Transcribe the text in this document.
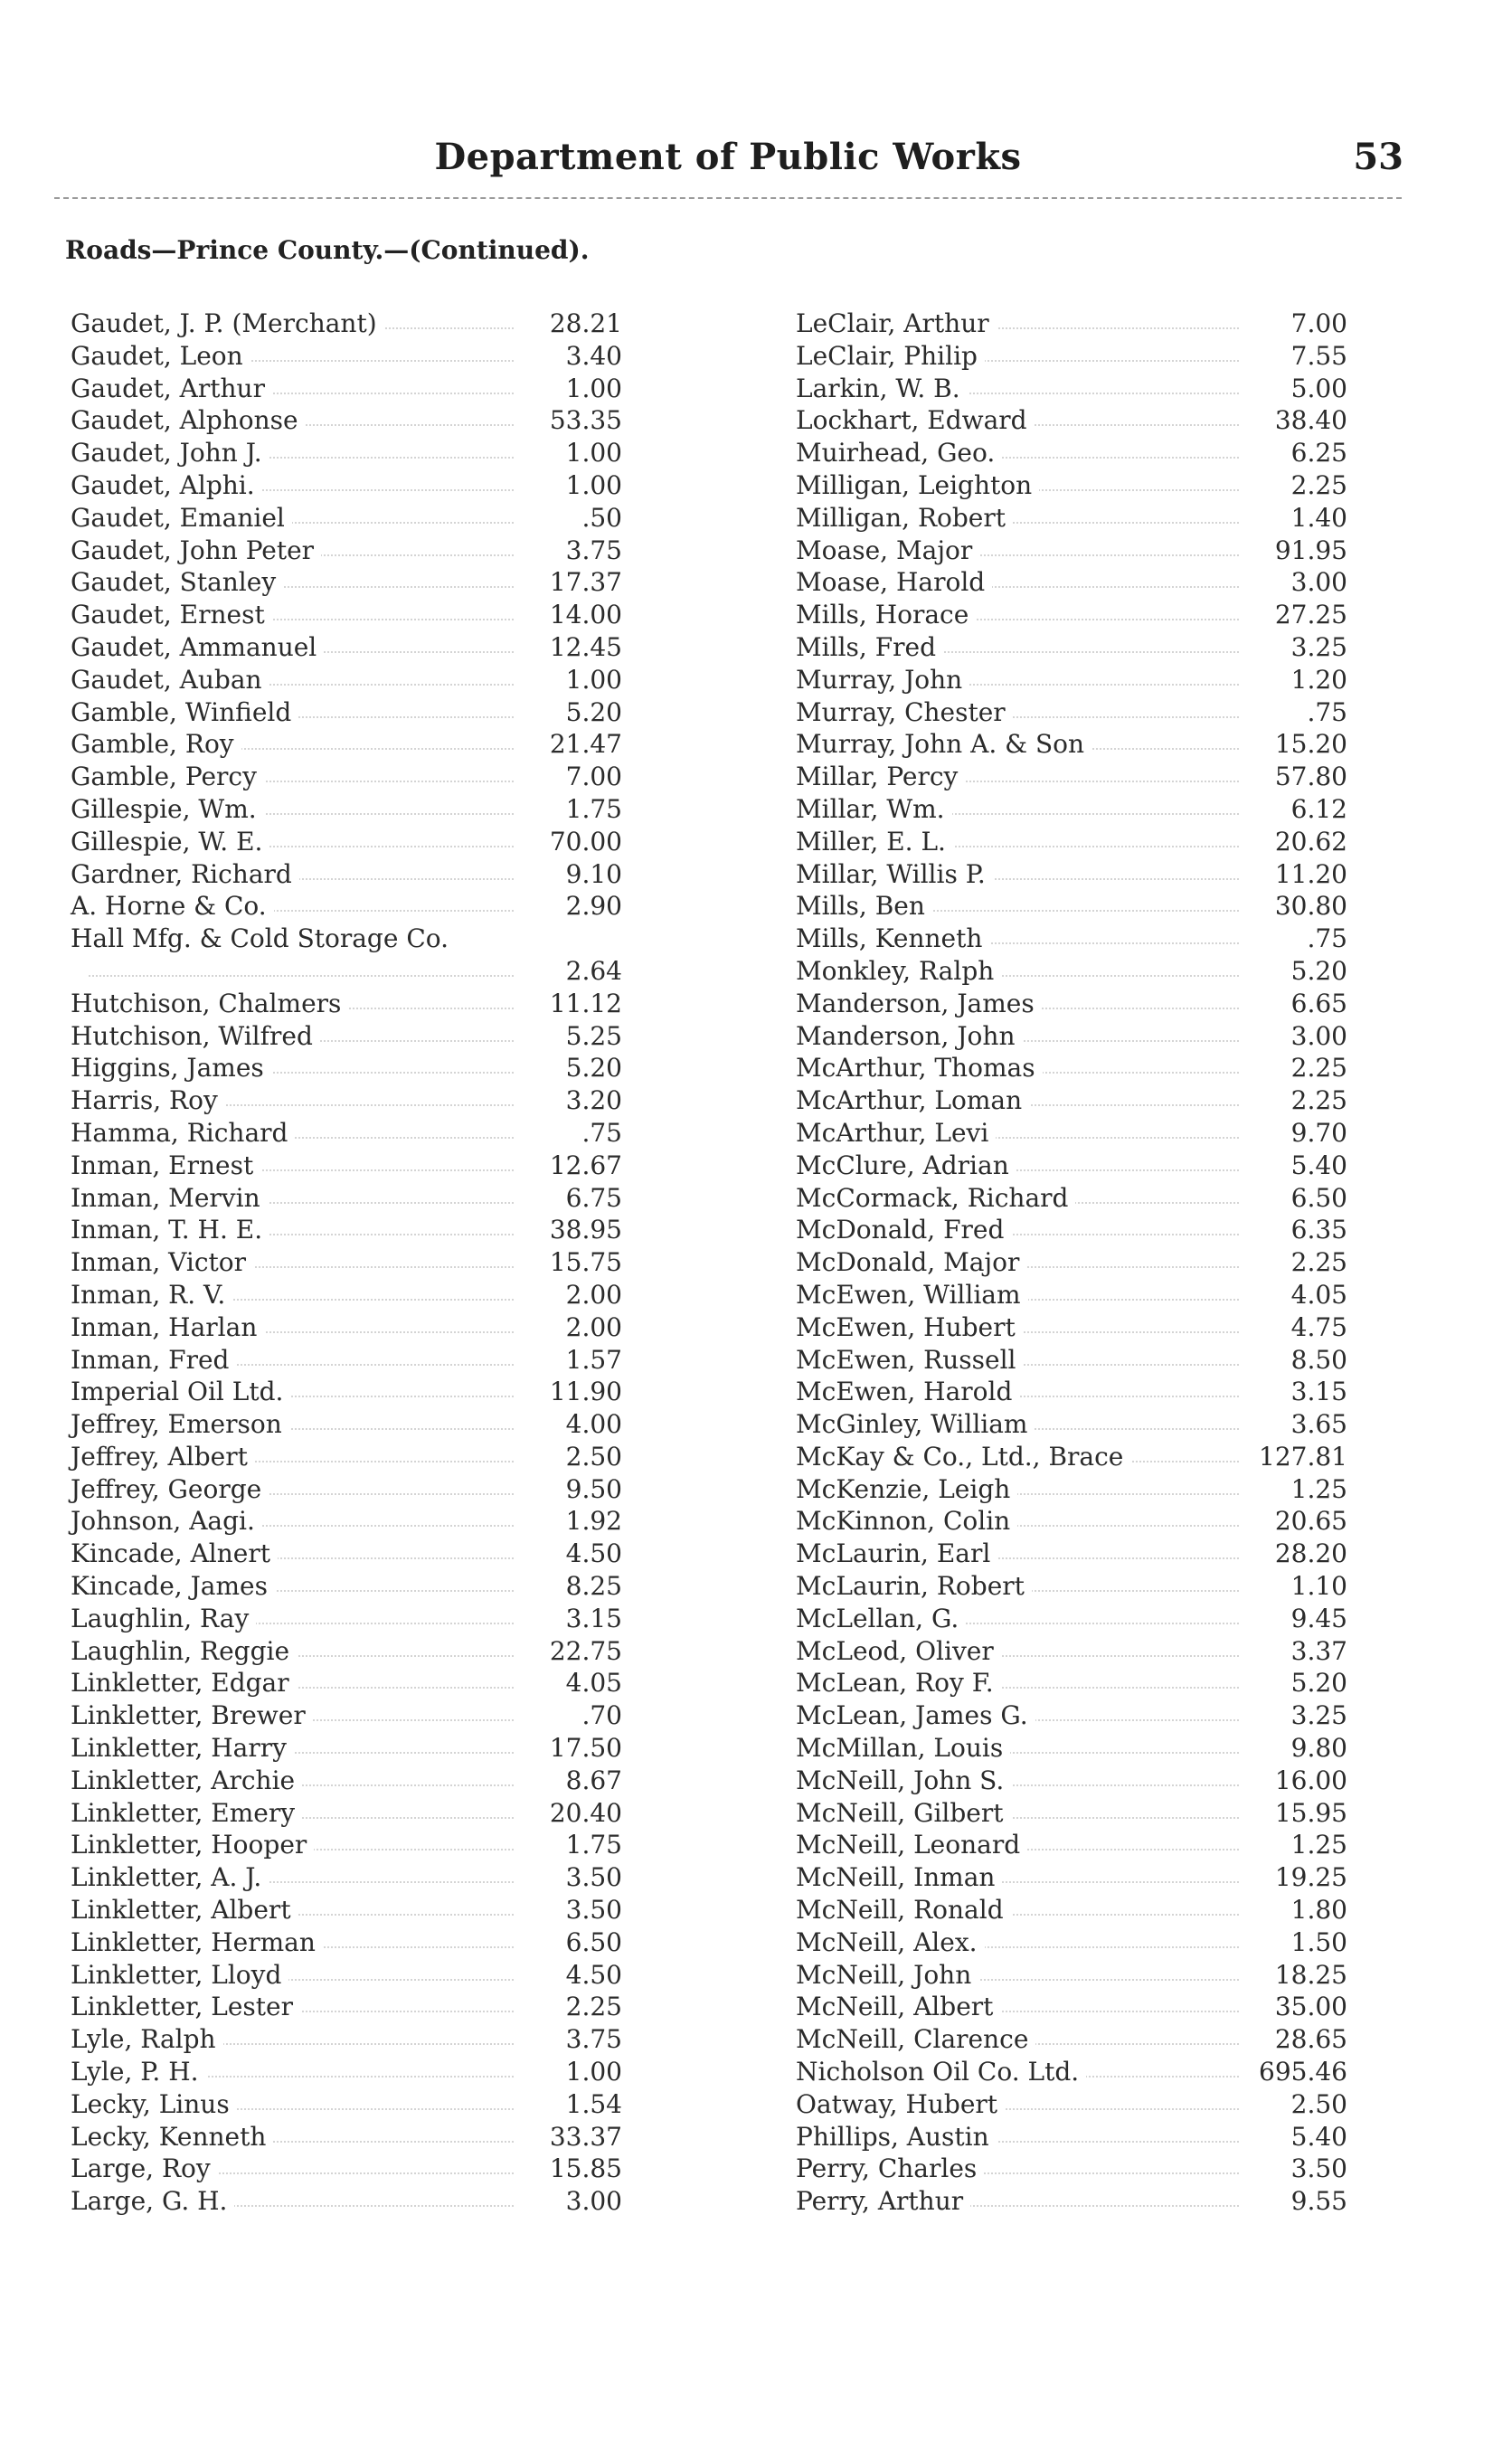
Department of Public Works	53
Roads—Prince County.—(Continued).
Gaudet, J. P. (Merchant)	28.21
Gaudet, Leon	3.40
Gaudet, Arthur	1.00
Gaudet, Alphonse	53.35
Gaudet, John J.	1.00
Gaudet, Alphi.	1.00
Gaudet, Emaniel	.50
Gaudet, John Peter	3.75
Gaudet, Stanley	17.37
Gaudet, Ernest	14.00
Gaudet, Ammanuel	12.45
Gaudet, Auban	1.00
Gamble, Winfield	5.20
Gamble, Roy	21.47
Gamble, Percy	7.00
Gillespie, Wm.	1.75
Gillespie, W. E.	70.00
Gardner, Richard	9.10
A. Horne & Co.	2.90
Hall Mfg. & Cold Storage Co.
2.64
Hutchison, Chalmers	11.12
Hutchison, Wilfred	5.25
Higgins, James	5.20
Harris, Roy	3.20
Hamma, Richard	.75
Inman, Ernest	12.67
Inman, Mervin	6.75
Inman, T. H. E.	38.95
Inman, Victor	15.75
Inman, R. V.	2.00
Inman, Harlan	2.00
Inman, Fred	1.57
Imperial Oil Ltd.	11.90
Jeffrey, Emerson	4.00
Jeffrey, Albert	2.50
Jeffrey, George	9.50
Johnson, Aagi.	1.92
Kincade, Alnert	4.50
Kincade, James	8.25
Laughlin, Ray	3.15
Laughlin, Reggie	22.75
Linkletter, Edgar	4.05
Linkletter, Brewer	.70
Linkletter, Harry	17.50
Linkletter, Archie	8.67
Linkletter, Emery	20.40
Linkletter, Hooper	1.75
Linkletter, A. J.	3.50
Linkletter, Albert	3.50
Linkletter, Herman	6.50
Linkletter, Lloyd	4.50
Linkletter, Lester	2.25
Lyle, Ralph	3.75
Lyle, P. H.	1.00
Lecky, Linus	1.54
Lecky, Kenneth	33.37
Large, Roy	15.85
Large, G. H.	3.00
LeClair, Arthur	7.00
LeClair, Philip	7.55
Larkin, W. B.	5.00
Lockhart, Edward	38.40
Muirhead, Geo.	6.25
Milligan, Leighton	2.25
Milligan, Robert	1.40
Moase, Major	91.95
Moase, Harold	3.00
Mills, Horace	27.25
Mills, Fred	3.25
Murray, John	1.20
Murray, Chester	.75
Murray, John A. & Son	15.20
Millar, Percy	57.80
Millar, Wm.	6.12
Miller, E. L.	20.62
Millar, Willis P.	11.20
Mills, Ben	30.80
Mills, Kenneth	.75
Monkley, Ralph	5.20
Manderson, James	6.65
Manderson, John	3.00
McArthur, Thomas	2.25
McArthur, Loman	2.25
McArthur, Levi	9.70
McClure, Adrian	5.40
McCormack, Richard	6.50
McDonald, Fred	6.35
McDonald, Major	2.25
McEwen, William	4.05
McEwen, Hubert	4.75
McEwen, Russell	8.50
McEwen, Harold	3.15
McGinley, William	3.65
McKay & Co., Ltd., Brace	127.81
McKenzie, Leigh	1.25
McKinnon, Colin	20.65
McLaurin, Earl	28.20
McLaurin, Robert	1.10
McLellan, G.	9.45
McLeod, Oliver	3.37
McLean, Roy F.	5.20
McLean, James G.	3.25
McMillan, Louis	9.80
McNeill, John S.	16.00
McNeill, Gilbert	15.95
McNeill, Leonard	1.25
McNeill, Inman	19.25
McNeill, Ronald	1.80
McNeill, Alex.	1.50
McNeill, John	18.25
McNeill, Albert	35.00
McNeill, Clarence	28.65
Nicholson Oil Co. Ltd.	695.46
Oatway, Hubert	2.50
Phillips, Austin	5.40
Perry, Charles	3.50
Perry, Arthur	9.55
